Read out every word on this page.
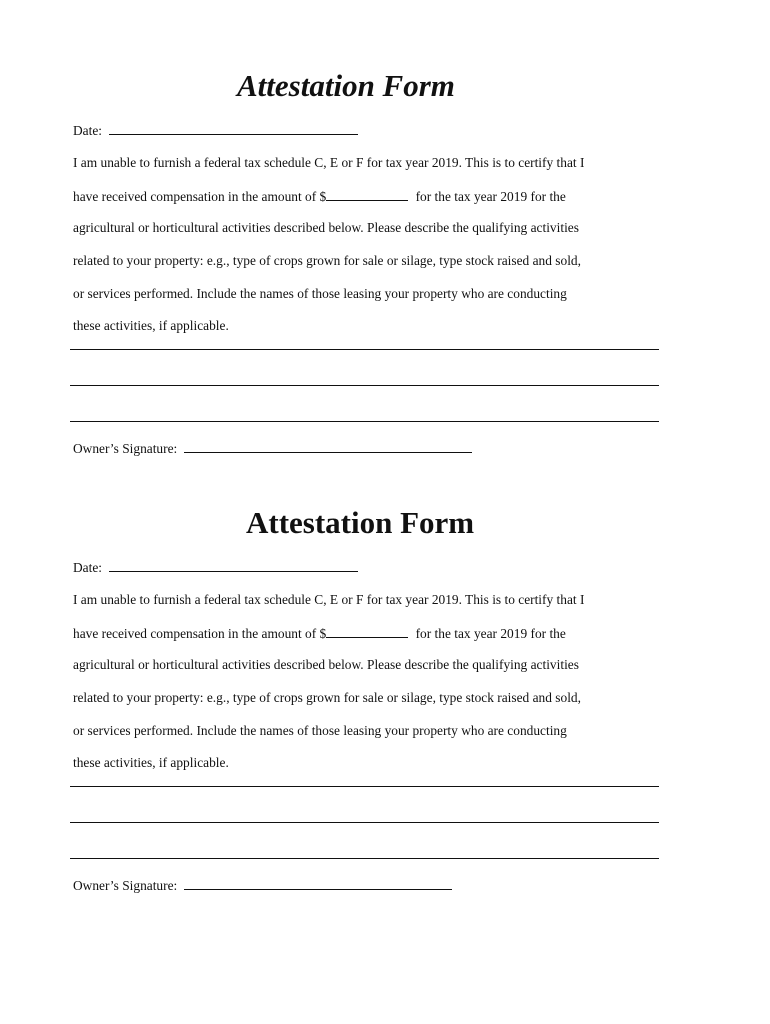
Attestation Form
Date:
I am unable to furnish a federal tax schedule C, E or F for tax year 2019. This is to certify that I
have received compensation in the amount of $	for the tax year 2019 for the
agricultural or horticultural activities described below. Please describe the qualifying activities
related to your property: e.g., type of crops grown for sale or silage, type stock raised and sold,
or services performed. Include the names of those leasing your property who are conducting
these activities, if applicable.
Owner’s Signature:
Attestation Form
Date:
I am unable to furnish a federal tax schedule C, E or F for tax year 2019. This is to certify that I
have received compensation in the amount of $	for the tax year 2019 for the
agricultural or horticultural activities described below. Please describe the qualifying activities
related to your property: e.g., type of crops grown for sale or silage, type stock raised and sold,
or services performed. Include the names of those leasing your property who are conducting
these activities, if applicable.
Owner’s Signature:
